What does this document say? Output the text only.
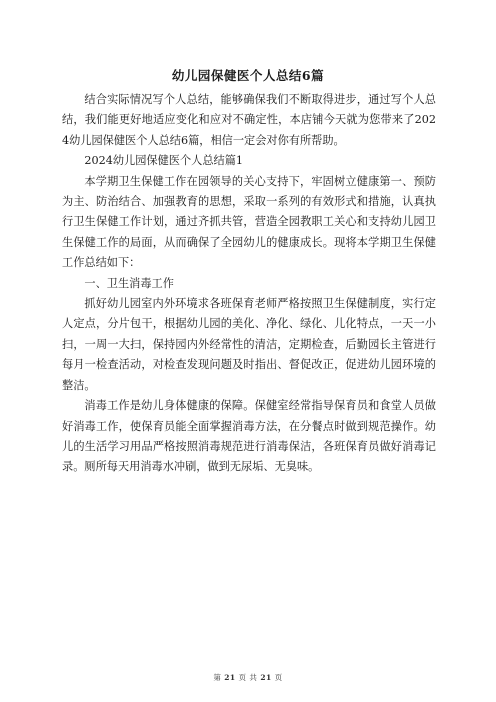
幼儿园保健医个人总结6篇

结合实际情况写个人总结，能够确保我们不断取得进步，通过写个人总结，我们能更好地适应变化和应对不确定性，本店铺今天就为您带来了2024幼儿园保健医个人总结6篇，相信一定会对你有所帮助。

2024幼儿园保健医个人总结篇1

本学期卫生保健工作在园领导的关心支持下，牢固树立健康第一、预防为主、防治结合、加强教育的思想，采取一系列的有效形式和措施，认真执行卫生保健工作计划，通过齐抓共管，营造全园教职工关心和支持幼儿园卫生保健工作的局面，从而确保了全园幼儿的健康成长。现将本学期卫生保健工作总结如下：

一、卫生消毒工作

抓好幼儿园室内外环境求各班保育老师严格按照卫生保健制度，实行定人定点，分片包干，根据幼儿园的美化、净化、绿化、儿化特点，一天一小扫，一周一大扫，保持园内外经常性的清洁，定期检查，后勤园长主管进行每月一检查活动，对检查发现问题及时指出、督促改正，促进幼儿园环境的整洁。

消毒工作是幼儿身体健康的保障。保健室经常指导保育员和食堂人员做好消毒工作，使保育员能全面掌握消毒方法，在分餐点时做到规范操作。幼儿的生活学习用品严格按照消毒规范进行消毒保洁，各班保育员做好消毒记录。厕所每天用消毒水冲刷，做到无尿垢、无臭味。

第 21 页 共 21 页
